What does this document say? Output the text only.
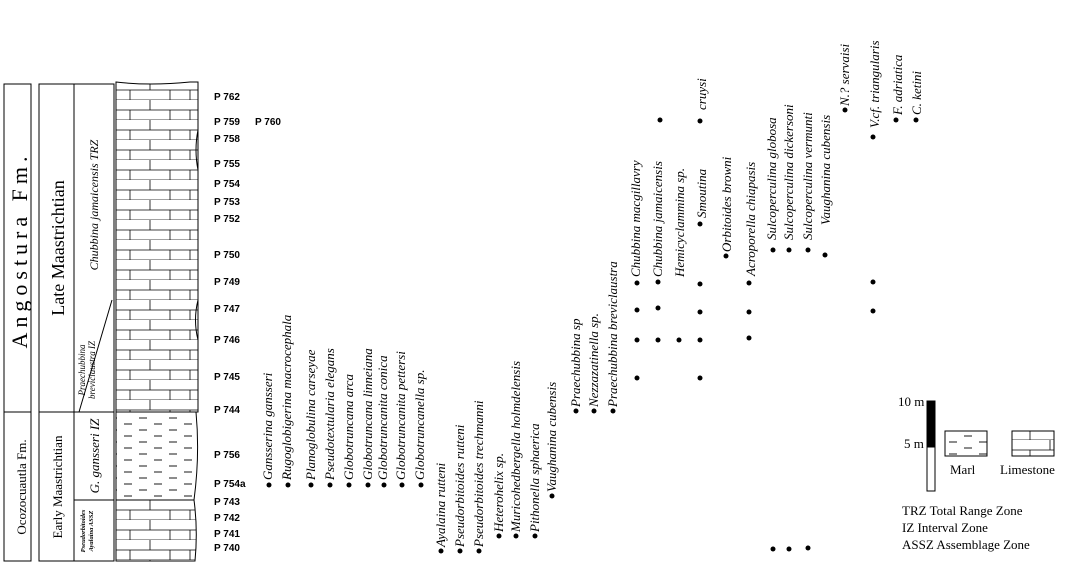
Angostura Fm.
Ocozocuautla Fm.
Late Maastrichtian
Early Maastrichtian
Chubbina jamaicensis TRZ
Praechubbina breviclaustra IZ
G. gansseri IZ
Pseudorbitoides Ayalaina ASSZ
P 762
P 759 P 760
P 758
P 755
P 754
P 753
P 752
P 750
P 749
P 747
P 746
P 745
P 744
P 756
P 754a
P 743
P 742
P 741
P 740
Gansserina gansseri Rugoglobigerina macrocephala Planoglobulina carseyae Pseudotextularia elegans Globotruncana arca Globotruncana linneiana Globotruncanita conica Globotruncanita pettersi Globotruncanella sp.
Ayalaina rutteni Pseudorbitoides rutteni Pseudorbitoides trechmanni Heterohelix sp. Muricohedbergella holmdelensis Pithonella sphaerica Vaughanina cubensis
Praechubbina sp Nezzazatinella sp. Praechubbina breviclaustra
Chubbina macgillavry Chubbina jamaicensis Hemicyclammina sp. Smoutina
cruysi
Orbitoides browni Acroporella chiapasis Sulcoperculina globosa Sulcoperculina dickersoni Sulcoperculina vermunti Vaughanina cubensis
N.? servaisi V.cf. triangularis F. adriatica C. ketini
10 m
5 m
Marl Limestone
TRZ Total Range Zone
IZ Interval Zone
ASSZ Assemblage Zone
